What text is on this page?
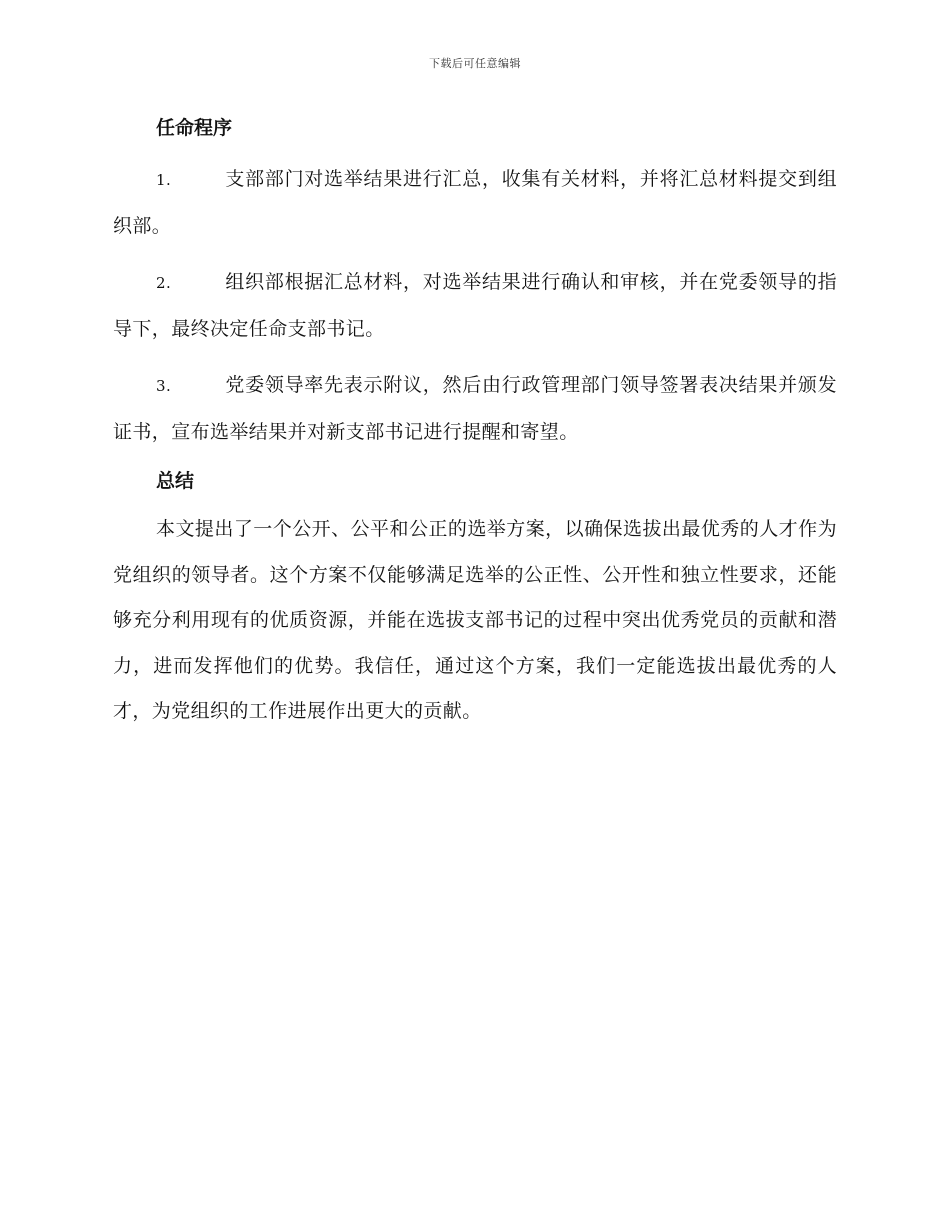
下载后可任意编辑
任命程序

1.	支部部门对选举结果进行汇总，收集有关材料，并将汇总材料提交到组织部。

2.	组织部根据汇总材料，对选举结果进行确认和审核，并在党委领导的指导下，最终决定任命支部书记。

3.	党委领导率先表示附议，然后由行政管理部门领导签署表决结果并颁发证书，宣布选举结果并对新支部书记进行提醒和寄望。

总结

本文提出了一个公开、公平和公正的选举方案，以确保选拔出最优秀的人才作为党组织的领导者。这个方案不仅能够满足选举的公正性、公开性和独立性要求，还能够充分利用现有的优质资源，并能在选拔支部书记的过程中突出优秀党员的贡献和潜力，进而发挥他们的优势。我信任，通过这个方案，我们一定能选拔出最优秀的人才，为党组织的工作进展作出更大的贡献。
